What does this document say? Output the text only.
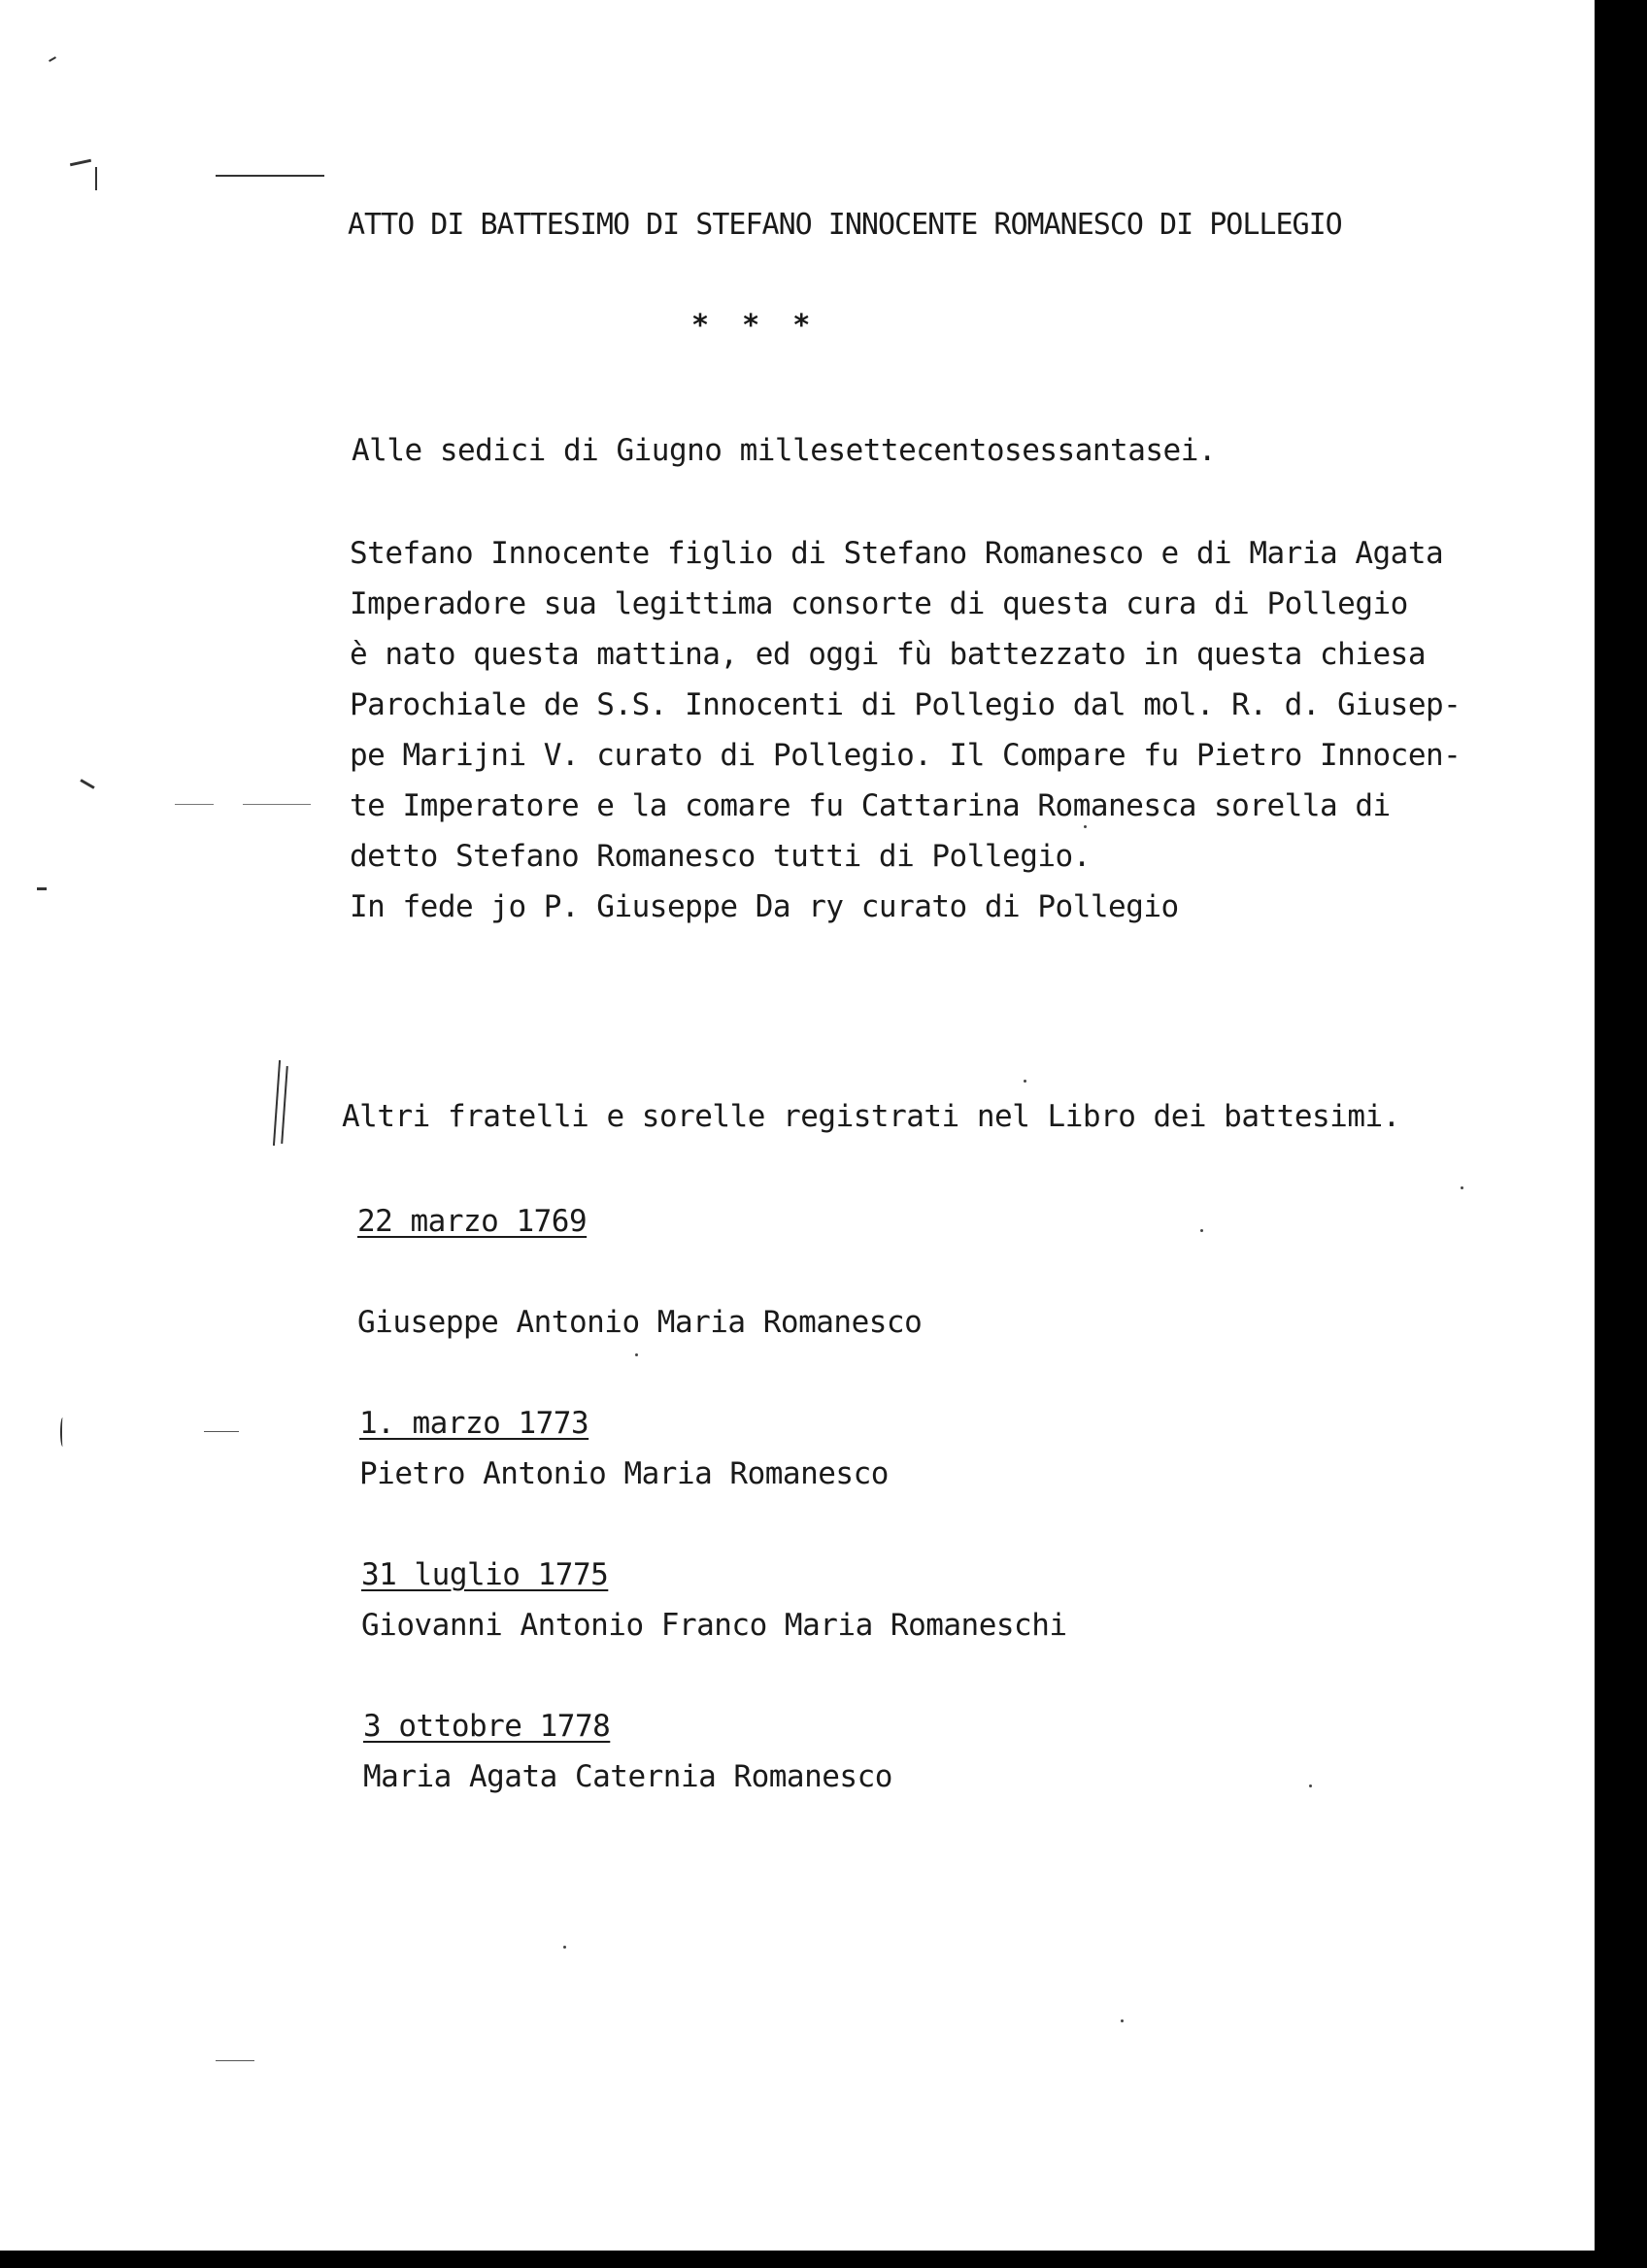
ATTO DI BATTESIMO DI STEFANO INNOCENTE ROMANESCO DI POLLEGIO
* * *
Alle sedici di Giugno millesettecentosessantasei.
Stefano Innocente figlio di Stefano Romanesco e di Maria Agata
Imperadore sua legittima consorte di questa cura di Pollegio
è nato questa mattina, ed oggi fù battezzato in questa chiesa
Parochiale de S.S. Innocenti di Pollegio dal mol. R. d. Giusep-
pe Marijni V. curato di Pollegio. Il Compare fu Pietro Innocen-
te Imperatore e la comare fu Cattarina Romanesca sorella di
detto Stefano Romanesco tutti di Pollegio.
In fede jo P. Giuseppe Da ry curato di Pollegio
Altri fratelli e sorelle registrati nel Libro dei battesimi.
22 marzo 1769
Giuseppe Antonio Maria Romanesco
1. marzo 1773
Pietro Antonio Maria Romanesco
31 luglio 1775
Giovanni Antonio Franco Maria Romaneschi
3 ottobre 1778
Maria Agata Caternia Romanesco
